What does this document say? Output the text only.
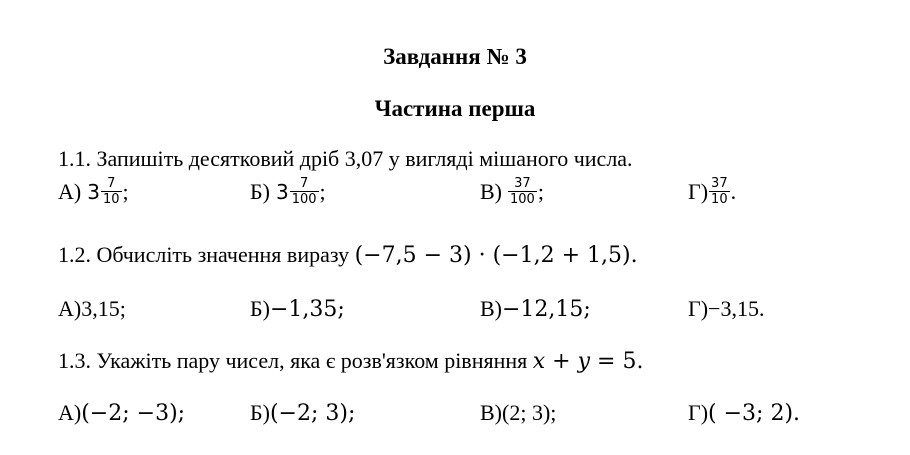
Завдання № 3
Частина перша
1.1. Запишіть десятковий дріб 3,07 у вигляді мішаного числа.
А) $3 \frac{7}{10}$ ;	Б) $3 \frac{7}{100}$ ;	$В) \frac{37}{100}$ ;	$Г) \frac{37}{10}$ .
1.2. Обчисліть значення виразу (−7,5 − 3) · (−1,2 + 1,5).
А) 3,15;	Б) −1,35;	В) −12,15;	Г) −3,15.
1.3. Укажіть пару чисел, яка є розв'язком рівняння x + y = 5.
А) (−2; −3);	Б) (−2; 3);	В) (2; 3);	Г) ( −3; 2).
